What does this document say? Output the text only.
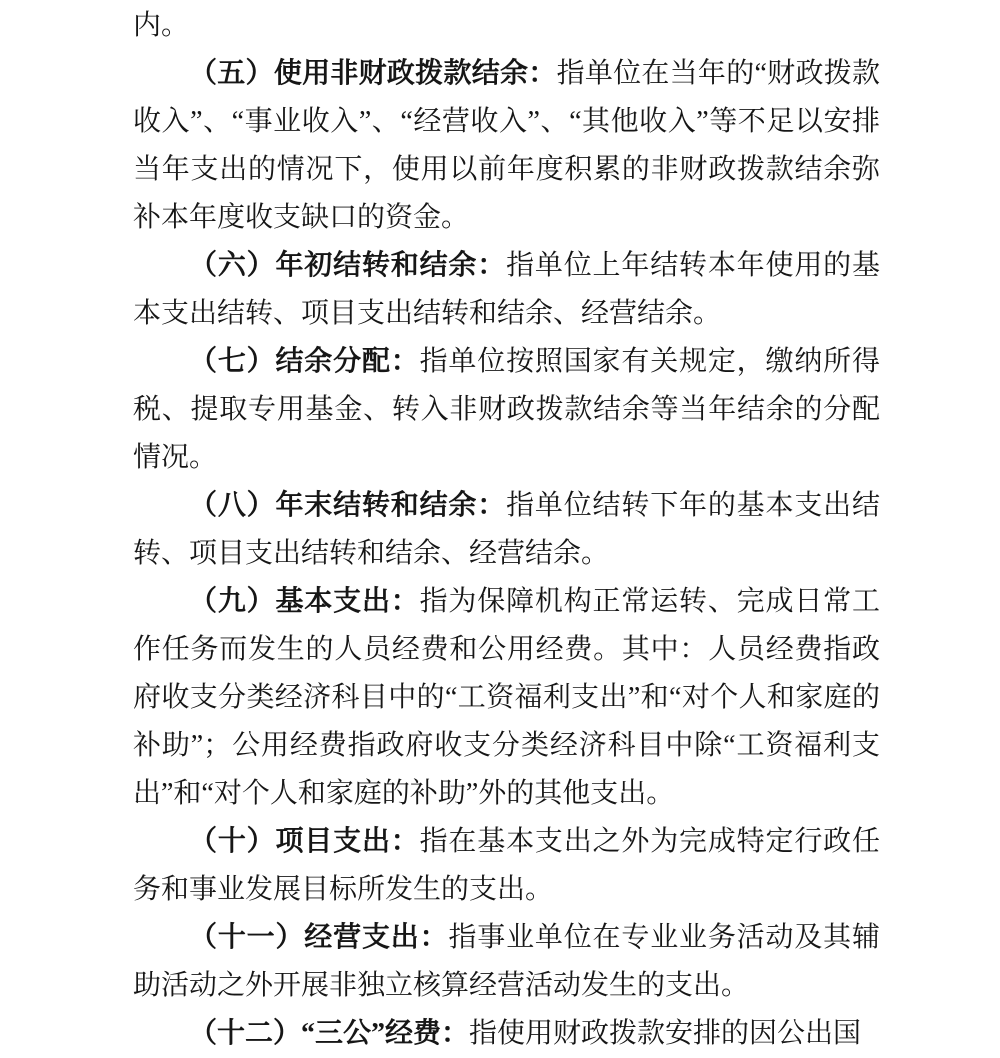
内。

（五）使用非财政拨款结余：指单位在当年的“财政拨款收入”、“事业收入”、“经营收入”、“其他收入”等不足以安排当年支出的情况下，使用以前年度积累的非财政拨款结余弥补本年度收支缺口的资金。

（六）年初结转和结余：指单位上年结转本年使用的基本支出结转、项目支出结转和结余、经营结余。

（七）结余分配：指单位按照国家有关规定，缴纳所得税、提取专用基金、转入非财政拨款结余等当年结余的分配情况。

（八）年末结转和结余：指单位结转下年的基本支出结转、项目支出结转和结余、经营结余。

（九）基本支出：指为保障机构正常运转、完成日常工作任务而发生的人员经费和公用经费。其中：人员经费指政府收支分类经济科目中的“工资福利支出”和“对个人和家庭的补助”；公用经费指政府收支分类经济科目中除“工资福利支出”和“对个人和家庭的补助”外的其他支出。

（十）项目支出：指在基本支出之外为完成特定行政任务和事业发展目标所发生的支出。

（十一）经营支出：指事业单位在专业业务活动及其辅助活动之外开展非独立核算经营活动发生的支出。

（十二）“三公”经费：指使用财政拨款安排的因公出国
